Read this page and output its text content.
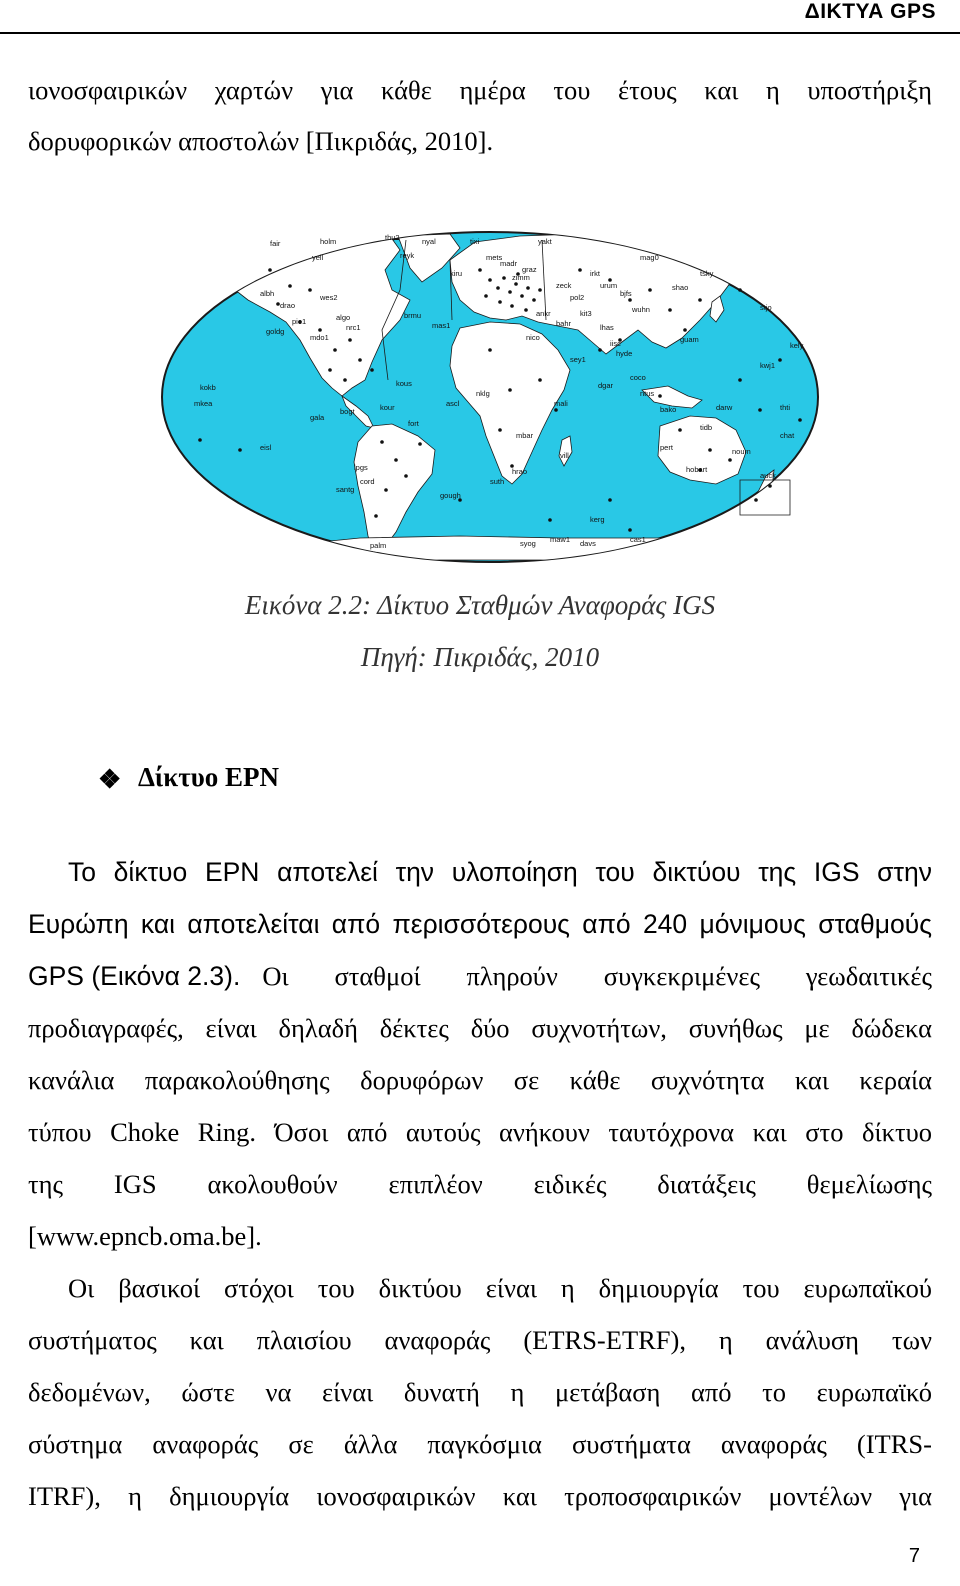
ΔΙΚΤΥΑ GPS
ιονοσφαιρικών χαρτών για κάθε ημέρα του έτους και η υποστήριξη
δορυφορικών αποστολών [Πικριδάς, 2010].
holm	thu2	nyal	tixi	yakt
mag0
kiru
reyk	mets
irkt
bjfs
wuhn
shao
tsky
guam
kwj1
fair
yell
albh
drao
pie1
mdo1
goldg
kokb
mkea
algo
nrc1
brmu
mas1
kour
bogt
fort
ascl
nklg
mali
hrao
suth
kerg
cas1
davs
syog maw1
tidb
pert
hobart
auck
chat
palm
lpgs
cord
santg
coco
ntus
bako
dgar
sey1
iisc
lhas
kit3
pol2
bahr
hyde
darw
noum
thti
kous
gala
eisl
wes2
madr
zimm
graz
nico
ankr
zeck	urum
gough
mbar
vill
kely
stjo
Εικόνα 2.2: Δίκτυο Σταθμών Αναφοράς IGS
Πηγή: Πικριδάς, 2010
❖ Δίκτυο EPN
Το δίκτυο EPN αποτελεί την υλοποίηση του δικτύου της IGS στην
Ευρώπη και αποτελείται από περισσότερους από 240 μόνιμους σταθμούς
GPS (Εικόνα 2.3). Οι σταθμοί πληρούν συγκεκριμένες γεωδαιτικές
προδιαγραφές, είναι δηλαδή δέκτες δύο συχνοτήτων, συνήθως με δώδεκα
κανάλια παρακολούθησης δορυφόρων σε κάθε συχνότητα και κεραία
τύπου Choke Ring. Όσοι από αυτούς ανήκουν ταυτόχρονα και στο δίκτυο
της IGS ακολουθούν επιπλέον ειδικές διατάξεις θεμελίωσης
[www.epncb.oma.be].
Οι βασικοί στόχοι του δικτύου είναι η δημιουργία του ευρωπαϊκού
συστήματος και πλαισίου αναφοράς (ETRS-ETRF), η ανάλυση των
δεδομένων, ώστε να είναι δυνατή η μετάβαση από το ευρωπαϊκό
σύστημα αναφοράς σε άλλα παγκόσμια συστήματα αναφοράς (ITRS-
ITRF), η δημιουργία ιονοσφαιρικών και τροποσφαιρικών μοντέλων για
7
